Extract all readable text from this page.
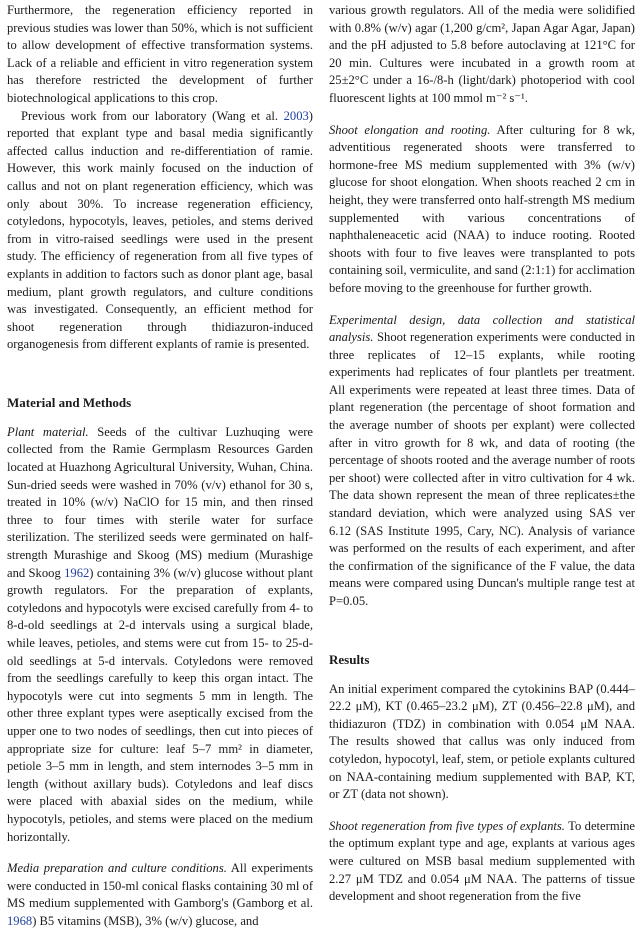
Furthermore, the regeneration efficiency reported in previous studies was lower than 50%, which is not sufficient to allow development of effective transformation systems. Lack of a reliable and efficient in vitro regeneration system has therefore restricted the development of further biotechnological applications to this crop.

Previous work from our laboratory (Wang et al. 2003) reported that explant type and basal media significantly affected callus induction and re-differentiation of ramie. However, this work mainly focused on the induction of callus and not on plant regeneration efficiency, which was only about 30%. To increase regeneration efficiency, cotyledons, hypocotyls, leaves, petioles, and stems derived from in vitro-raised seedlings were used in the present study. The efficiency of regeneration from all five types of explants in addition to factors such as donor plant age, basal medium, plant growth regulators, and culture conditions was investigated. Consequently, an efficient method for shoot regeneration through thidiazuron-induced organogenesis from different explants of ramie is presented.

Material and Methods

Plant material. Seeds of the cultivar Luzhuqing were collected from the Ramie Germplasm Resources Garden located at Huazhong Agricultural University, Wuhan, China. Sun-dried seeds were washed in 70% (v/v) ethanol for 30 s, treated in 10% (w/v) NaClO for 15 min, and then rinsed three to four times with sterile water for surface sterilization. The sterilized seeds were germinated on half-strength Murashige and Skoog (MS) medium (Murashige and Skoog 1962) containing 3% (w/v) glucose without plant growth regulators. For the preparation of explants, cotyledons and hypocotyls were excised carefully from 4- to 8-d-old seedlings at 2-d intervals using a surgical blade, while leaves, petioles, and stems were cut from 15- to 25-d-old seedlings at 5-d intervals. Cotyledons were removed from the seedlings carefully to keep this organ intact. The hypocotyls were cut into segments 5 mm in length. The other three explant types were aseptically excised from the upper one to two nodes of seedlings, then cut into pieces of appropriate size for culture: leaf 5–7 mm² in diameter, petiole 3–5 mm in length, and stem internodes 3–5 mm in length (without axillary buds). Cotyledons and leaf discs were placed with abaxial sides on the medium, while hypocotyls, petioles, and stems were placed on the medium horizontally.

Media preparation and culture conditions. All experiments were conducted in 150-ml conical flasks containing 30 ml of MS medium supplemented with Gamborg's (Gamborg et al. 1968) B5 vitamins (MSB), 3% (w/v) glucose, and

various growth regulators. All of the media were solidified with 0.8% (w/v) agar (1,200 g/cm², Japan Agar Agar, Japan) and the pH adjusted to 5.8 before autoclaving at 121°C for 20 min. Cultures were incubated in a growth room at 25±2°C under a 16-/8-h (light/dark) photoperiod with cool fluorescent lights at 100 mmol m⁻² s⁻¹.

Shoot elongation and rooting. After culturing for 8 wk, adventitious regenerated shoots were transferred to hormone-free MS medium supplemented with 3% (w/v) glucose for shoot elongation. When shoots reached 2 cm in height, they were transferred onto half-strength MS medium supplemented with various concentrations of naphthaleneacetic acid (NAA) to induce rooting. Rooted shoots with four to five leaves were transplanted to pots containing soil, vermiculite, and sand (2:1:1) for acclimation before moving to the greenhouse for further growth.

Experimental design, data collection and statistical analysis. Shoot regeneration experiments were conducted in three replicates of 12–15 explants, while rooting experiments had replicates of four plantlets per treatment. All experiments were repeated at least three times. Data of plant regeneration (the percentage of shoot formation and the average number of shoots per explant) were collected after in vitro growth for 8 wk, and data of rooting (the percentage of shoots rooted and the average number of roots per shoot) were collected after in vitro cultivation for 4 wk. The data shown represent the mean of three replicates±the standard deviation, which were analyzed using SAS ver 6.12 (SAS Institute 1995, Cary, NC). Analysis of variance was performed on the results of each experiment, and after the confirmation of the significance of the F value, the data means were compared using Duncan's multiple range test at P=0.05.

Results

An initial experiment compared the cytokinins BAP (0.444–22.2 μM), KT (0.465–23.2 μM), ZT (0.456–22.8 μM), and thidiazuron (TDZ) in combination with 0.054 μM NAA. The results showed that callus was only induced from cotyledon, hypocotyl, leaf, stem, or petiole explants cultured on NAA-containing medium supplemented with BAP, KT, or ZT (data not shown).

Shoot regeneration from five types of explants. To determine the optimum explant type and age, explants at various ages were cultured on MSB basal medium supplemented with 2.27 μM TDZ and 0.054 μM NAA. The patterns of tissue development and shoot regeneration from the five
